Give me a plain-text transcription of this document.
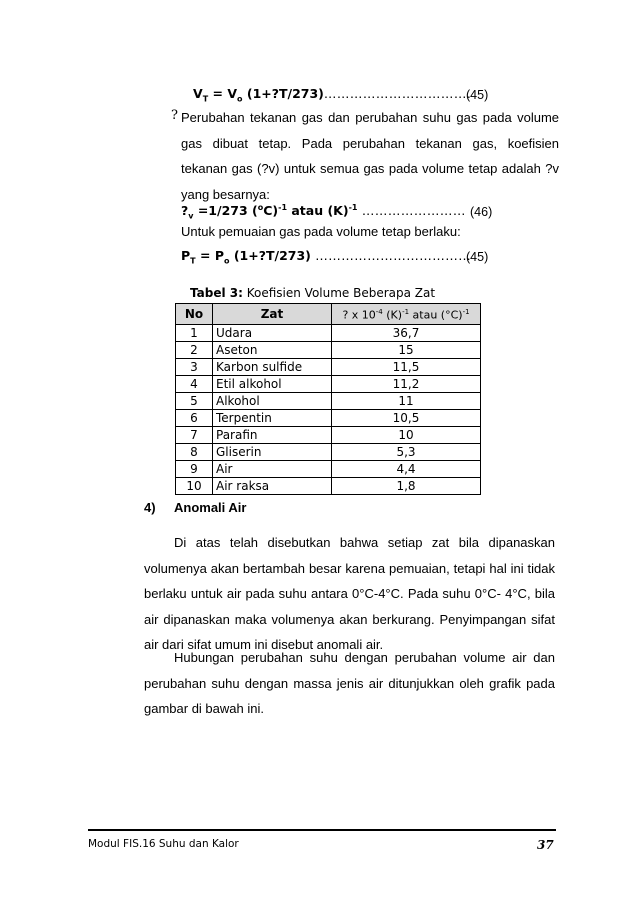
$V_T = V_o$ (1+?T/273)…………………………….
(45)
? Perubahan tekanan gas dan perubahan suhu gas pada volume
gas dibuat tetap. Pada perubahan tekanan gas, koefisien
tekanan gas (?v) untuk semua gas pada volume tetap adalah ?v
yang besarnya:
$?_v =1/273$ $(^oC)^{-1}$ atau $(K)^{-1}$ …………………… (46)
Untuk pemuaian gas pada volume tetap berlaku:
$P_T = P_o$ (1+?T/273) ………………………………
(45)
Tabel 3: Koefisien Volume Beberapa Zat
No	Zat	? x $10^{-4}$ $(K)^{-1}$ atau $(^\circ C)^{-1}$
1	Udara	36,7
2	Aseton	15
3	Karbon sulfide	11,5
4	Etil alkohol	11,2
5	Alkohol	11
6	Terpentin	10,5
7	Parafin	10
8	Gliserin	5,3
9	Air	4,4
10	Air raksa	1,8
4) Anomali Air
Di atas telah disebutkan bahwa setiap zat bila dipanaskan
volumenya akan bertambah besar karena pemuaian, tetapi hal ini tidak
berlaku untuk air pada suhu antara 0°C-4°C. Pada suhu 0°C- 4°C, bila
air dipanaskan maka volumenya akan berkurang. Penyimpangan sifat
air dari sifat umum ini disebut anomali air.
Hubungan perubahan suhu dengan perubahan volume air dan
perubahan suhu dengan massa jenis air ditunjukkan oleh grafik pada
gambar di bawah ini.
Modul FIS.16 Suhu dan Kalor	37
